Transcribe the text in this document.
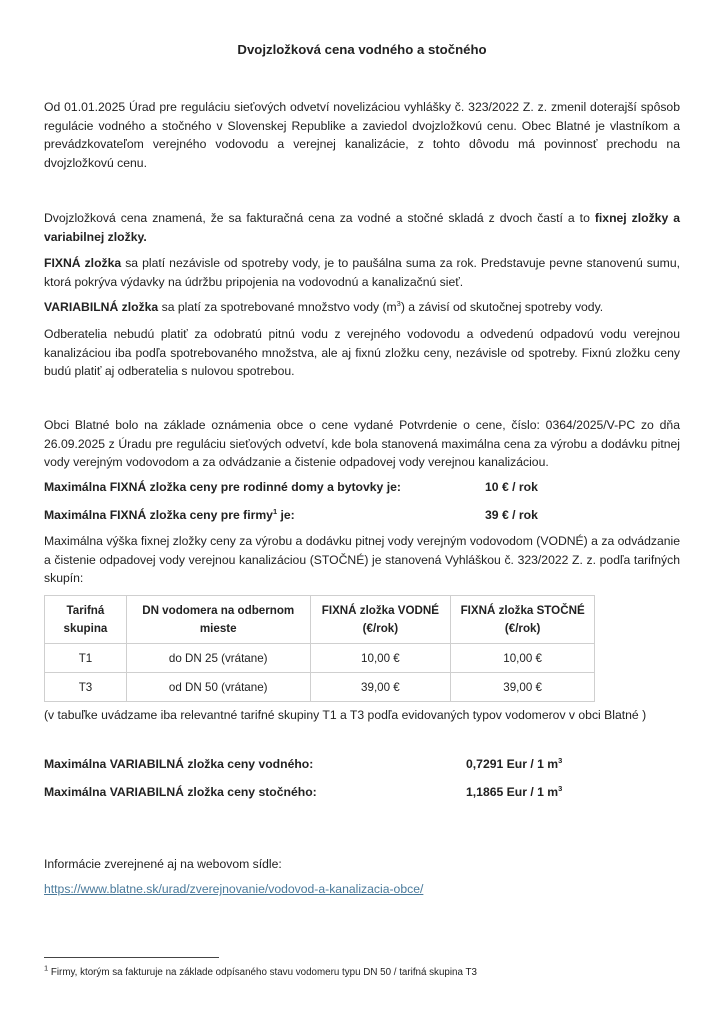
Dvojzložková cena vodného a stočného

Od 01.01.2025 Úrad pre reguláciu sieťových odvetví novelizáciou vyhlášky č. 323/2022 Z. z. zmenil doterajší spôsob regulácie vodného a stočného v Slovenskej Republike a zaviedol dvojzložkovú cenu. Obec Blatné je vlastníkom a prevádzkovateľom verejného vodovodu a verejnej kanalizácie, z tohto dôvodu má povinnosť prechodu na dvojzložkovú cenu.

Dvojzložková cena znamená, že sa fakturačná cena za vodné a stočné skladá z dvoch častí a to fixnej zložky a variabilnej zložky.

FIXNÁ zložka sa platí nezávisle od spotreby vody, je to paušálna suma za rok. Predstavuje pevne stanovenú sumu, ktorá pokrýva výdavky na údržbu pripojenia na vodovodnú a kanalizačnú sieť.

VARIABILNÁ zložka sa platí za spotrebované množstvo vody $(m^3)$ a závisí od skutočnej spotreby vody.

Odberatelia nebudú platiť za odobratú pitnú vodu z verejného vodovodu a odvedenú odpadovú vodu verejnou kanalizáciou iba podľa spotrebovaného množstva, ale aj fixnú zložku ceny, nezávisle od spotreby. Fixnú zložku ceny budú platiť aj odberatelia s nulovou spotrebou.

Obci Blatné bolo na základe oznámenia obce o cene vydané Potvrdenie o cene, číslo: 0364/2025/V-PC zo dňa 26.09.2025 z Úradu pre reguláciu sieťových odvetví, kde bola stanovená maximálna cena za výrobu a dodávku pitnej vody verejným vodovodom a za odvádzanie a čistenie odpadovej vody verejnou kanalizáciou.

Maximálna FIXNÁ zložka ceny pre rodinné domy a bytovky je:	10 € / rok
Maximálna FIXNÁ zložka ceny pre firmy$^1$ je:	39 € / rok

Maximálna výška fixnej zložky ceny za výrobu a dodávku pitnej vody verejným vodovodom (VODNÉ) a za odvádzanie a čistenie odpadovej vody verejnou kanalizáciou (STOČNÉ) je stanovená Vyhláškou č. 323/2022 Z. z. podľa tarifných skupín:

Tarifná skupina	DN vodomera na odbernom mieste	FIXNÁ zložka VODNÉ (€/rok)	FIXNÁ zložka STOČNÉ (€/rok)
T1	do DN 25 (vrátane)	10,00 €	10,00 €
T3	od DN 50 (vrátane)	39,00 €	39,00 €

(v tabuľke uvádzame iba relevantné tarifné skupiny T1 a T3 podľa evidovaných typov vodomerov v obci Blatné )

Maximálna VARIABILNÁ zložka ceny vodného:	0,7291 Eur / 1 $m^3$
Maximálna VARIABILNÁ zložka ceny stočného:	1,1865 Eur / 1 $m^3$

Informácie zverejnené aj na webovom sídle:

https://www.blatne.sk/urad/zverejnovanie/vodovod-a-kanalizacia-obce/

$^1$ Firmy, ktorým sa fakturuje na základe odpísaného stavu vodomeru typu DN 50 / tarifná skupina T3
